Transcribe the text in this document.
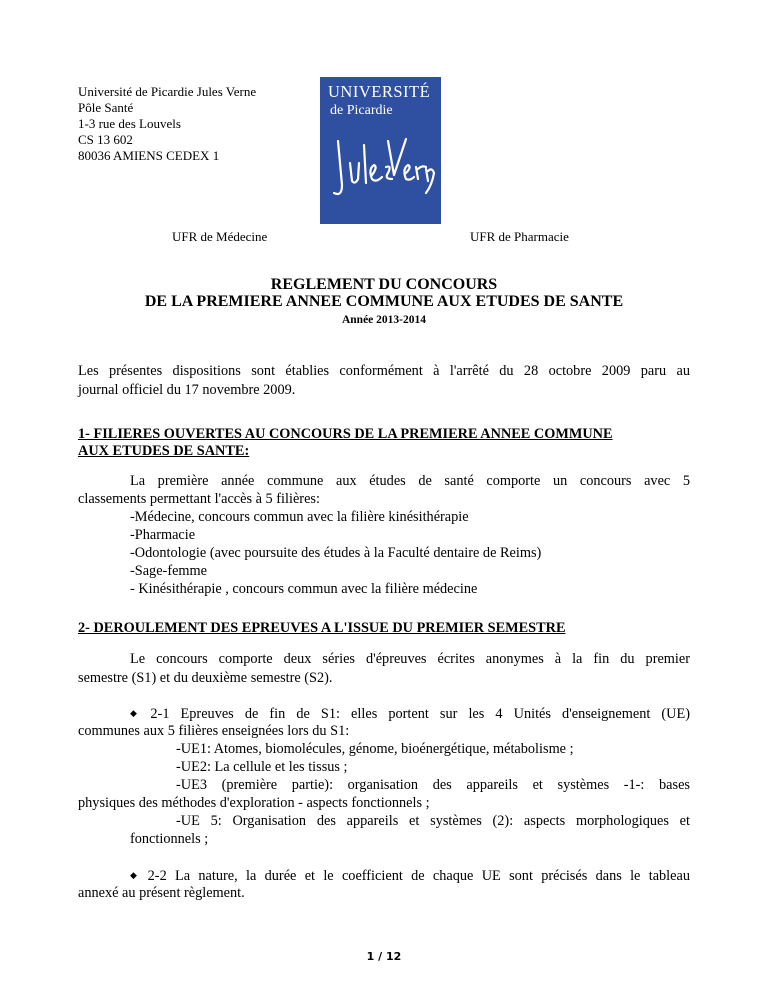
Université de Picardie Jules Verne
Pôle Santé
1-3 rue des Louvels
CS 13 602
80036 AMIENS CEDEX 1
UNIVERSITÉ
de Picardie
UFR de Médecine	UFR de Pharmacie
REGLEMENT DU CONCOURS
DE LA PREMIERE ANNEE COMMUNE AUX ETUDES DE SANTE
Année 2013-2014
Les présentes dispositions sont établies conformément à l'arrêté du 28 octobre 2009 paru au
journal officiel du 17 novembre 2009.
1- FILIERES OUVERTES AU CONCOURS DE LA PREMIERE ANNEE COMMUNE
AUX ETUDES DE SANTE:
La première année commune aux études de santé comporte un concours avec 5
classements permettant l'accès à 5 filières:
-Médecine, concours commun avec la filière kinésithérapie
-Pharmacie
-Odontologie (avec poursuite des études à la Faculté dentaire de Reims)
-Sage-femme
- Kinésithérapie , concours commun avec la filière médecine
2- DEROULEMENT DES EPREUVES A L'ISSUE DU PREMIER SEMESTRE
Le concours comporte deux séries d'épreuves écrites anonymes à la fin du premier
semestre (S1) et du deuxième semestre (S2).
◆ 2-1 Epreuves de fin de S1: elles portent sur les 4 Unités d'enseignement (UE)
communes aux 5 filières enseignées lors du S1:
-UE1: Atomes, biomolécules, génome, bioénergétique, métabolisme ;
-UE2: La cellule et les tissus ;
-UE3 (première partie): organisation des appareils et systèmes -1-: bases
physiques des méthodes d'exploration - aspects fonctionnels ;
-UE 5: Organisation des appareils et systèmes (2): aspects morphologiques et
fonctionnels ;
◆ 2-2 La nature, la durée et le coefficient de chaque UE sont précisés dans le tableau
annexé au présent règlement.
1 / 12
